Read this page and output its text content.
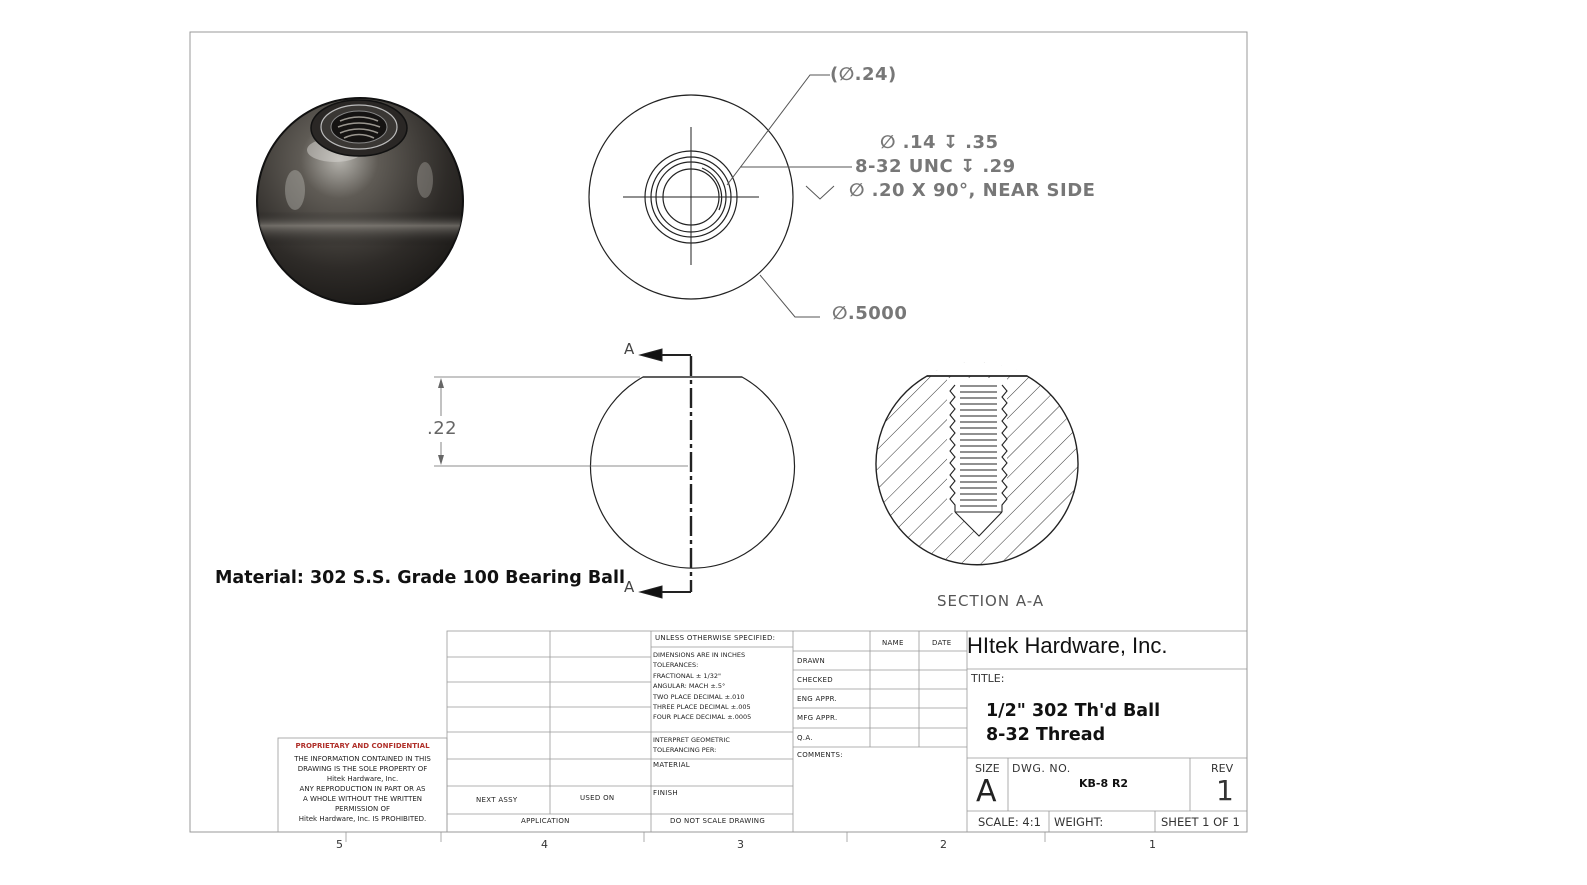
(∅.24)
∅ .14 ↧ .35
8-32 UNC ↧ .29
∅ .20 X 90°, NEAR SIDE
∅.5000
A
A
.22
SECTION A-A
Material: 302 S.S. Grade 100 Bearing Ball
PROPRIETARY AND CONFIDENTIAL
THE INFORMATION CONTAINED IN THIS
DRAWING IS THE SOLE PROPERTY OF
Hitek Hardware, Inc.
ANY REPRODUCTION IN PART OR AS
A WHOLE WITHOUT THE WRITTEN
PERMISSION OF
Hitek Hardware, Inc. IS PROHIBITED.
NEXT ASSY	USED ON
APPLICATION
UNLESS OTHERWISE SPECIFIED:
DIMENSIONS ARE IN INCHES
TOLERANCES:
FRACTIONAL ± 1/32"
ANGULAR: MACH ±.5°
TWO PLACE DECIMAL ±.010
THREE PLACE DECIMAL ±.005
FOUR PLACE DECIMAL ±.0005
INTERPRET GEOMETRIC
TOLERANCING PER:
MATERIAL
FINISH
DO NOT SCALE DRAWING
NAME	DATE
DRAWN
CHECKED
ENG APPR.
MFG APPR.
Q.A.
COMMENTS:
HItek Hardware, Inc.
TITLE:
1/2" 302 Th'd Ball
8-32 Thread
SIZE
A
DWG. NO.
KB-8 R2
REV
1
SCALE: 4:1 WEIGHT:	SHEET 1 OF 1
5	4	3	2	1
